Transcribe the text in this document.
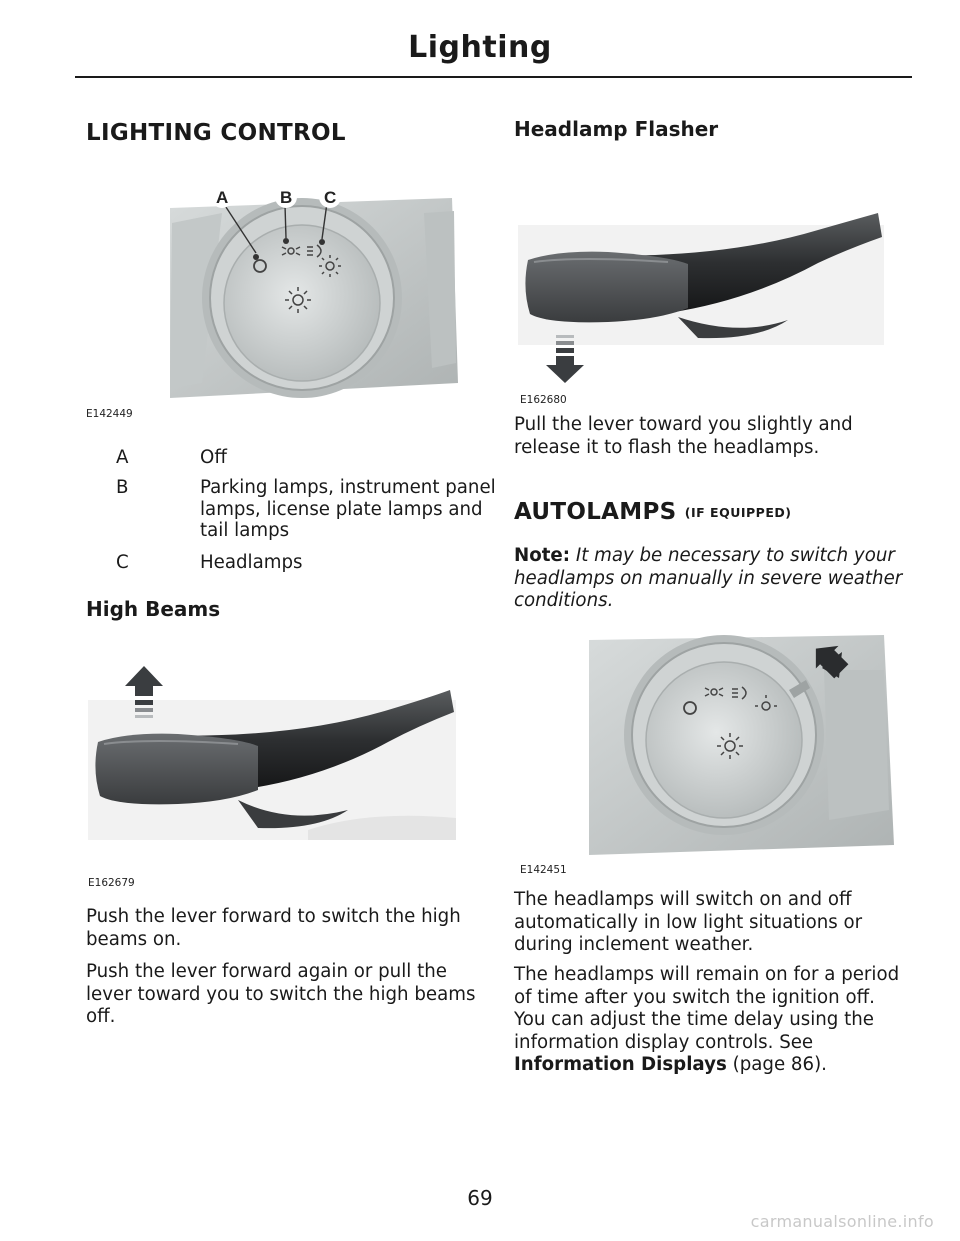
Lighting
LIGHTING CONTROL
A	B C
E142449
A	Off
B	Parking lamps, instrument panel lamps, license plate lamps and tail lamps
C	Headlamps
High Beams
E162679
Push the lever forward to switch the high beams on.
Push the lever forward again or pull the lever toward you to switch the high beams off.
Headlamp Flasher
E162680
Pull the lever toward you slightly and release it to flash the headlamps.
AUTOLAMPS (IF EQUIPPED)
Note: It may be necessary to switch your headlamps on manually in severe weather conditions.
E142451
The headlamps will switch on and off automatically in low light situations or during inclement weather.
The headlamps will remain on for a period of time after you switch the ignition off. You can adjust the time delay using the information display controls. See Information Displays (page 86).
69
carmanualsonline.info
